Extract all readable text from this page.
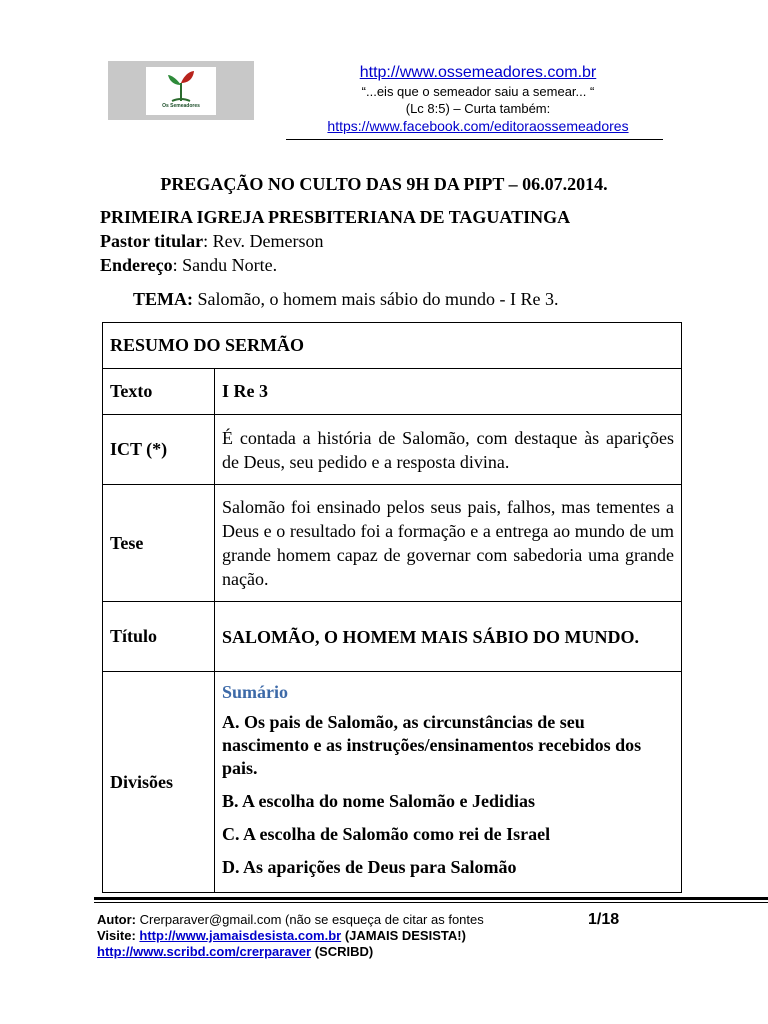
Os Semeadores
http://www.ossemeadores.com.br
“...eis que o semeador saiu a semear... “
(Lc 8:5) – Curta também:
https://www.facebook.com/editoraossemeadores
PREGAÇÃO NO CULTO DAS 9H DA PIPT – 06.07.2014.
PRIMEIRA IGREJA PRESBITERIANA DE TAGUATINGA
Pastor titular: Rev. Demerson
Endereço: Sandu Norte.
TEMA: Salomão, o homem mais sábio do mundo - I Re 3.
RESUMO DO SERMÃO	
Texto	I Re 3
ICT (*)	É contada a história de Salomão, com destaque às aparições de Deus, seu pedido e a resposta divina.
Tese	Salomão foi ensinado pelos seus pais, falhos, mas tementes a Deus e o resultado foi a formação e a entrega ao mundo de um grande homem capaz de governar com sabedoria uma grande nação.
Título	SALOMÃO, O HOMEM MAIS SÁBIO DO MUNDO.
Divisões	Sumário
A. Os pais de Salomão, as circunstâncias de seu nascimento e as instruções/ensinamentos recebidos dos pais.
B. A escolha do nome Salomão e Jedidias
C. A escolha de Salomão como rei de Israel
D. As aparições de Deus para Salomão
Autor: Crerparaver@gmail.com (não se esqueça de citar as fontes
Visite: http://www.jamaisdesista.com.br (JAMAIS DESISTA!)
http://www.scribd.com/crerparaver (SCRIBD)
1/18
